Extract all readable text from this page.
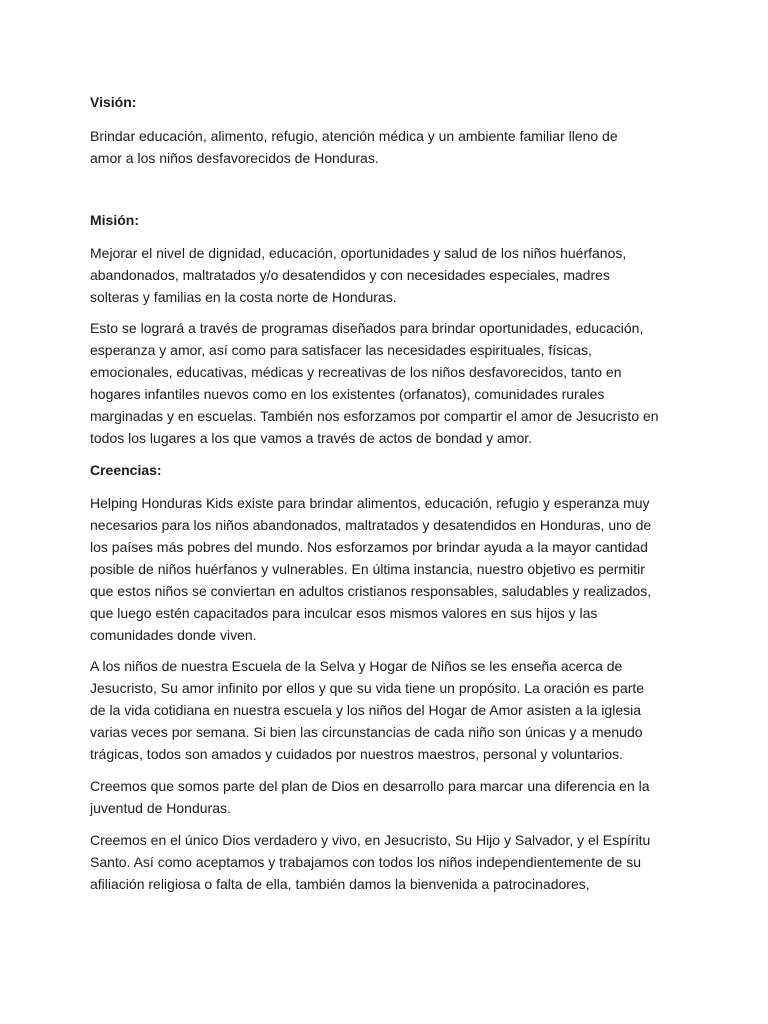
Visión:

Brindar educación, alimento, refugio, atención médica y un ambiente familiar lleno de
amor a los niños desfavorecidos de Honduras.

Misión:

Mejorar el nivel de dignidad, educación, oportunidades y salud de los niños huérfanos,
abandonados, maltratados y/o desatendidos y con necesidades especiales, madres
solteras y familias en la costa norte de Honduras.

Esto se logrará a través de programas diseñados para brindar oportunidades, educación,
esperanza y amor, así como para satisfacer las necesidades espirituales, físicas,
emocionales, educativas, médicas y recreativas de los niños desfavorecidos, tanto en
hogares infantiles nuevos como en los existentes (orfanatos), comunidades rurales
marginadas y en escuelas. También nos esforzamos por compartir el amor de Jesucristo en
todos los lugares a los que vamos a través de actos de bondad y amor.

Creencias:

Helping Honduras Kids existe para brindar alimentos, educación, refugio y esperanza muy
necesarios para los niños abandonados, maltratados y desatendidos en Honduras, uno de
los países más pobres del mundo. Nos esforzamos por brindar ayuda a la mayor cantidad
posible de niños huérfanos y vulnerables. En última instancia, nuestro objetivo es permitir
que estos niños se conviertan en adultos cristianos responsables, saludables y realizados,
que luego estén capacitados para inculcar esos mismos valores en sus hijos y las
comunidades donde viven.

A los niños de nuestra Escuela de la Selva y Hogar de Niños se les enseña acerca de
Jesucristo, Su amor infinito por ellos y que su vida tiene un propósito. La oración es parte
de la vida cotidiana en nuestra escuela y los niños del Hogar de Amor asisten a la iglesia
varias veces por semana. Si bien las circunstancias de cada niño son únicas y a menudo
trágicas, todos son amados y cuidados por nuestros maestros, personal y voluntarios.

Creemos que somos parte del plan de Dios en desarrollo para marcar una diferencia en la
juventud de Honduras.

Creemos en el único Dios verdadero y vivo, en Jesucristo, Su Hijo y Salvador, y el Espíritu
Santo. Así como aceptamos y trabajamos con todos los niños independientemente de su
afiliación religiosa o falta de ella, también damos la bienvenida a patrocinadores,
